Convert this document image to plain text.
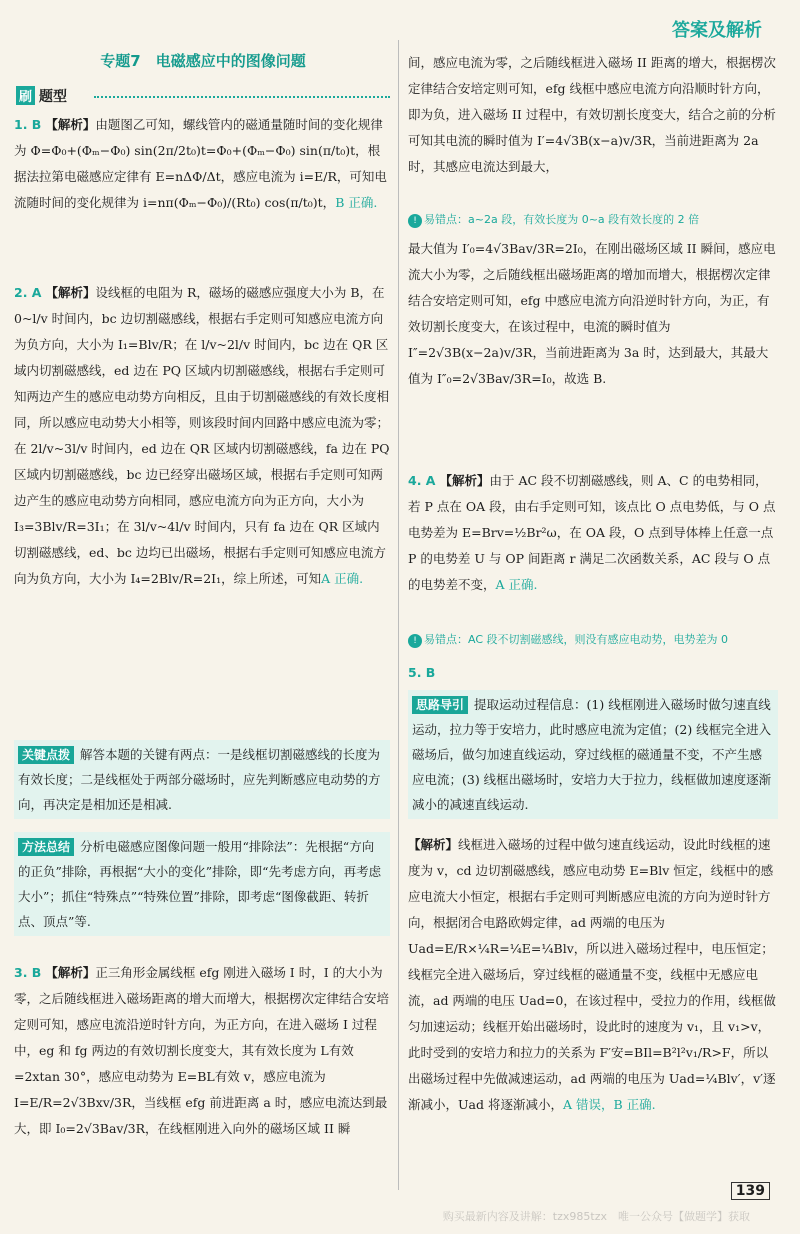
答案及解析
专题7　电磁感应中的图像问题
刷 题型
1. B 【解析】由题图乙可知，螺线管内的磁通量随时间的变化规律为 Φ=Φ₀+(Φₘ−Φ₀) sin(2π/2t₀)t=Φ₀+(Φₘ−Φ₀) sin(π/t₀)t，根据法拉第电磁感应定律有 E=nΔΦ/Δt，感应电流为 i=E/R，可知电流随时间的变化规律为 i=nπ(Φₘ−Φ₀)/(Rt₀) cos(π/t₀)t，B 正确.
2. A 【解析】设线框的电阻为 R，磁场的磁感应强度大小为 B，在 0~l/v 时间内，bc 边切割磁感线，根据右手定则可知感应电流方向为负方向，大小为 I₁=Blv/R；在 l/v~2l/v 时间内，bc 边在 QR 区域内切割磁感线，ed 边在 PQ 区域内切割磁感线，根据右手定则可知两边产生的感应电动势方向相反，且由于切割磁感线的有效长度相同，所以感应电动势大小相等，则该段时间内回路中感应电流为零；在 2l/v~3l/v 时间内，ed 边在 QR 区域内切割磁感线，fa 边在 PQ 区域内切割磁感线，bc 边已经穿出磁场区域，根据右手定则可知两边产生的感应电动势方向相同，感应电流方向为正方向，大小为 I₃=3Blv/R=3I₁；在 3l/v~4l/v 时间内，只有 fa 边在 QR 区域内切割磁感线，ed、bc 边均已出磁场，根据右手定则可知感应电流方向为负方向，大小为 I₄=2Blv/R=2I₁，综上所述，可知A 正确.
关键点拨 解答本题的关键有两点：一是线框切割磁感线的长度为有效长度；二是线框处于两部分磁场时，应先判断感应电动势的方向，再决定是相加还是相减.
方法总结 分析电磁感应图像问题一般用“排除法”：先根据“方向的正负”排除，再根据“大小的变化”排除，即“先考虑方向，再考虑大小”；抓住“特殊点”“特殊位置”排除，即考虑“图像截距、转折点、顶点”等.
3. B 【解析】正三角形金属线框 efg 刚进入磁场 I 时，I 的大小为零，之后随线框进入磁场距离的增大而增大，根据楞次定律结合安培定则可知，感应电流沿逆时针方向，为正方向，在进入磁场 I 过程中，eg 和 fg 两边的有效切割长度变大，其有效长度为 L有效=2xtan 30°，感应电动势为 E=BL有效 v，感应电流为 I=E/R=2√3Bxv/3R，当线框 efg 前进距离 a 时，感应电流达到最大，即 I₀=2√3Bav/3R，在线框刚进入向外的磁场区域 II 瞬
间，感应电流为零，之后随线框进入磁场 II 距离的增大，根据楞次定律结合安培定则可知，efg 线框中感应电流方向沿顺时针方向，即为负，进入磁场 II 过程中，有效切割长度变大，结合之前的分析可知其电流的瞬时值为 I′=4√3B(x−a)v/3R，当前进距离为 2a 时，其感应电流达到最大，
! 易错点：a~2a 段，有效长度为 0~a 段有效长度的 2 倍
最大值为 I′₀=4√3Bav/3R=2I₀，在刚出磁场区域 II 瞬间，感应电流大小为零，之后随线框出磁场距离的增加而增大，根据楞次定律结合安培定则可知，efg 中感应电流方向沿逆时针方向，为正，有效切割长度变大，在该过程中，电流的瞬时值为 I″=2√3B(x−2a)v/3R，当前进距离为 3a 时，达到最大，其最大值为 I″₀=2√3Bav/3R=I₀，故选 B.
4. A 【解析】由于 AC 段不切割磁感线，则 A、C 的电势相同，若 P 点在 OA 段，由右手定则可知，该点比 O 点电势低，与 O 点电势差为 E=Brv=½Br²ω，在 OA 段，O 点到导体棒上任意一点 P 的电势差 U 与 OP 间距离 r 满足二次函数关系，AC 段与 O 点的电势差不变，A 正确.
! 易错点：AC 段不切割磁感线，则没有感应电动势，电势差为 0
5. B
思路导引 提取运动过程信息：(1) 线框刚进入磁场时做匀速直线运动，拉力等于安培力，此时感应电流为定值；(2) 线框完全进入磁场后，做匀加速直线运动，穿过线框的磁通量不变，不产生感应电流；(3) 线框出磁场时，安培力大于拉力，线框做加速度逐渐减小的减速直线运动.
【解析】线框进入磁场的过程中做匀速直线运动，设此时线框的速度为 v，cd 边切割磁感线，感应电动势 E=Blv 恒定，线框中的感应电流大小恒定，根据右手定则可判断感应电流的方向为逆时针方向，根据闭合电路欧姆定律，ad 两端的电压为 Uad=E/R×¼R=¼E=¼Blv，所以进入磁场过程中，电压恒定；线框完全进入磁场后，穿过线框的磁通量不变，线框中无感应电流，ad 两端的电压 Uad=0，在该过程中，受拉力的作用，线框做匀加速运动；线框开始出磁场时，设此时的速度为 v₁，且 v₁>v，此时受到的安培力和拉力的关系为 F′安=BIl=B²l²v₁/R>F，所以出磁场过程中先做减速运动，ad 两端的电压为 Uad=¼Blv′，v′逐渐减小，Uad 将逐渐减小，A 错误，B 正确.
139
购买最新内容及讲解：tzx985tzx　唯一公众号【做题学】获取
